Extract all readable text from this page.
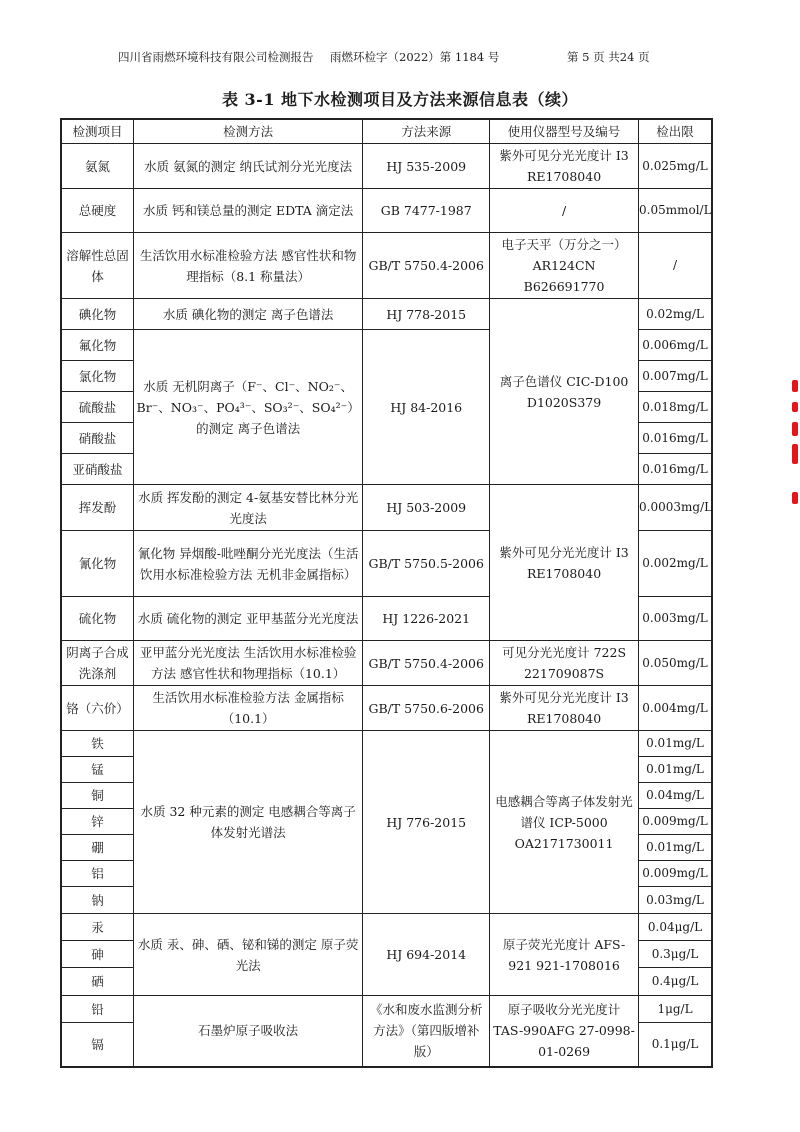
四川省雨燃环境科技有限公司检测报告 雨燃环检字（2022）第 1184 号	第 5 页 共24 页
表 3-1 地下水检测项目及方法来源信息表（续）
检测项目	检测方法	方法来源	使用仪器型号及编号	检出限
氨氮	水质 氨氮的测定 纳氏试剂分光光度法	HJ 535-2009	紫外可见分光光度计 I3 RE1708040	0.025mg/L
总硬度	水质 钙和镁总量的测定 EDTA 滴定法	GB 7477-1987	/	0.05mmol/L
溶解性总固体	生活饮用水标准检验方法 感官性状和物理指标（8.1 称量法）	GB/T 5750.4-2006	电子天平（万分之一） AR124CN B626691770	/
碘化物	水质 碘化物的测定 离子色谱法	HJ 778-2015	离子色谱仪 CIC-D100 D1020S379	0.02mg/L
氟化物	水质 无机阴离子（F⁻、Cl⁻、NO₂⁻、Br⁻、NO₃⁻、PO₄³⁻、SO₃²⁻、SO₄²⁻）的测定 离子色谱法	HJ 84-2016		0.006mg/L
氯化物				0.007mg/L
硫酸盐				0.018mg/L
硝酸盐				0.016mg/L
亚硝酸盐				0.016mg/L
挥发酚	水质 挥发酚的测定 4-氨基安替比林分光光度法	HJ 503-2009	紫外可见分光光度计 I3 RE1708040	0.0003mg/L
氰化物	氰化物 异烟酸-吡唑酮分光光度法（生活饮用水标准检验方法 无机非金属指标）	GB/T 5750.5-2006		0.002mg/L
硫化物	水质 硫化物的测定 亚甲基蓝分光光度法	HJ 1226-2021		0.003mg/L
阴离子合成洗涤剂	亚甲蓝分光光度法 生活饮用水标准检验方法 感官性状和物理指标（10.1）	GB/T 5750.4-2006	可见分光光度计 722S 221709087S	0.050mg/L
铬（六价）	生活饮用水标准检验方法 金属指标（10.1）	GB/T 5750.6-2006	紫外可见分光光度计 I3 RE1708040	0.004mg/L
铁	水质 32 种元素的测定 电感耦合等离子体发射光谱法	HJ 776-2015	电感耦合等离子体发射光谱仪 ICP-5000 OA2171730011	0.01mg/L
锰				0.01mg/L
铜				0.04mg/L
锌				0.009mg/L
硼				0.01mg/L
铝				0.009mg/L
钠				0.03mg/L
汞	水质 汞、砷、硒、铋和锑的测定 原子荧光法	HJ 694-2014	原子荧光光度计 AFS-921 921-1708016	0.04μg/L
砷				0.3μg/L
硒				0.4μg/L
铅	石墨炉原子吸收法	《水和废水监测分析方法》（第四版增补版）	原子吸收分光光度计 TAS-990AFG 27-0998-01-0269	1μg/L
镉				0.1μg/L
